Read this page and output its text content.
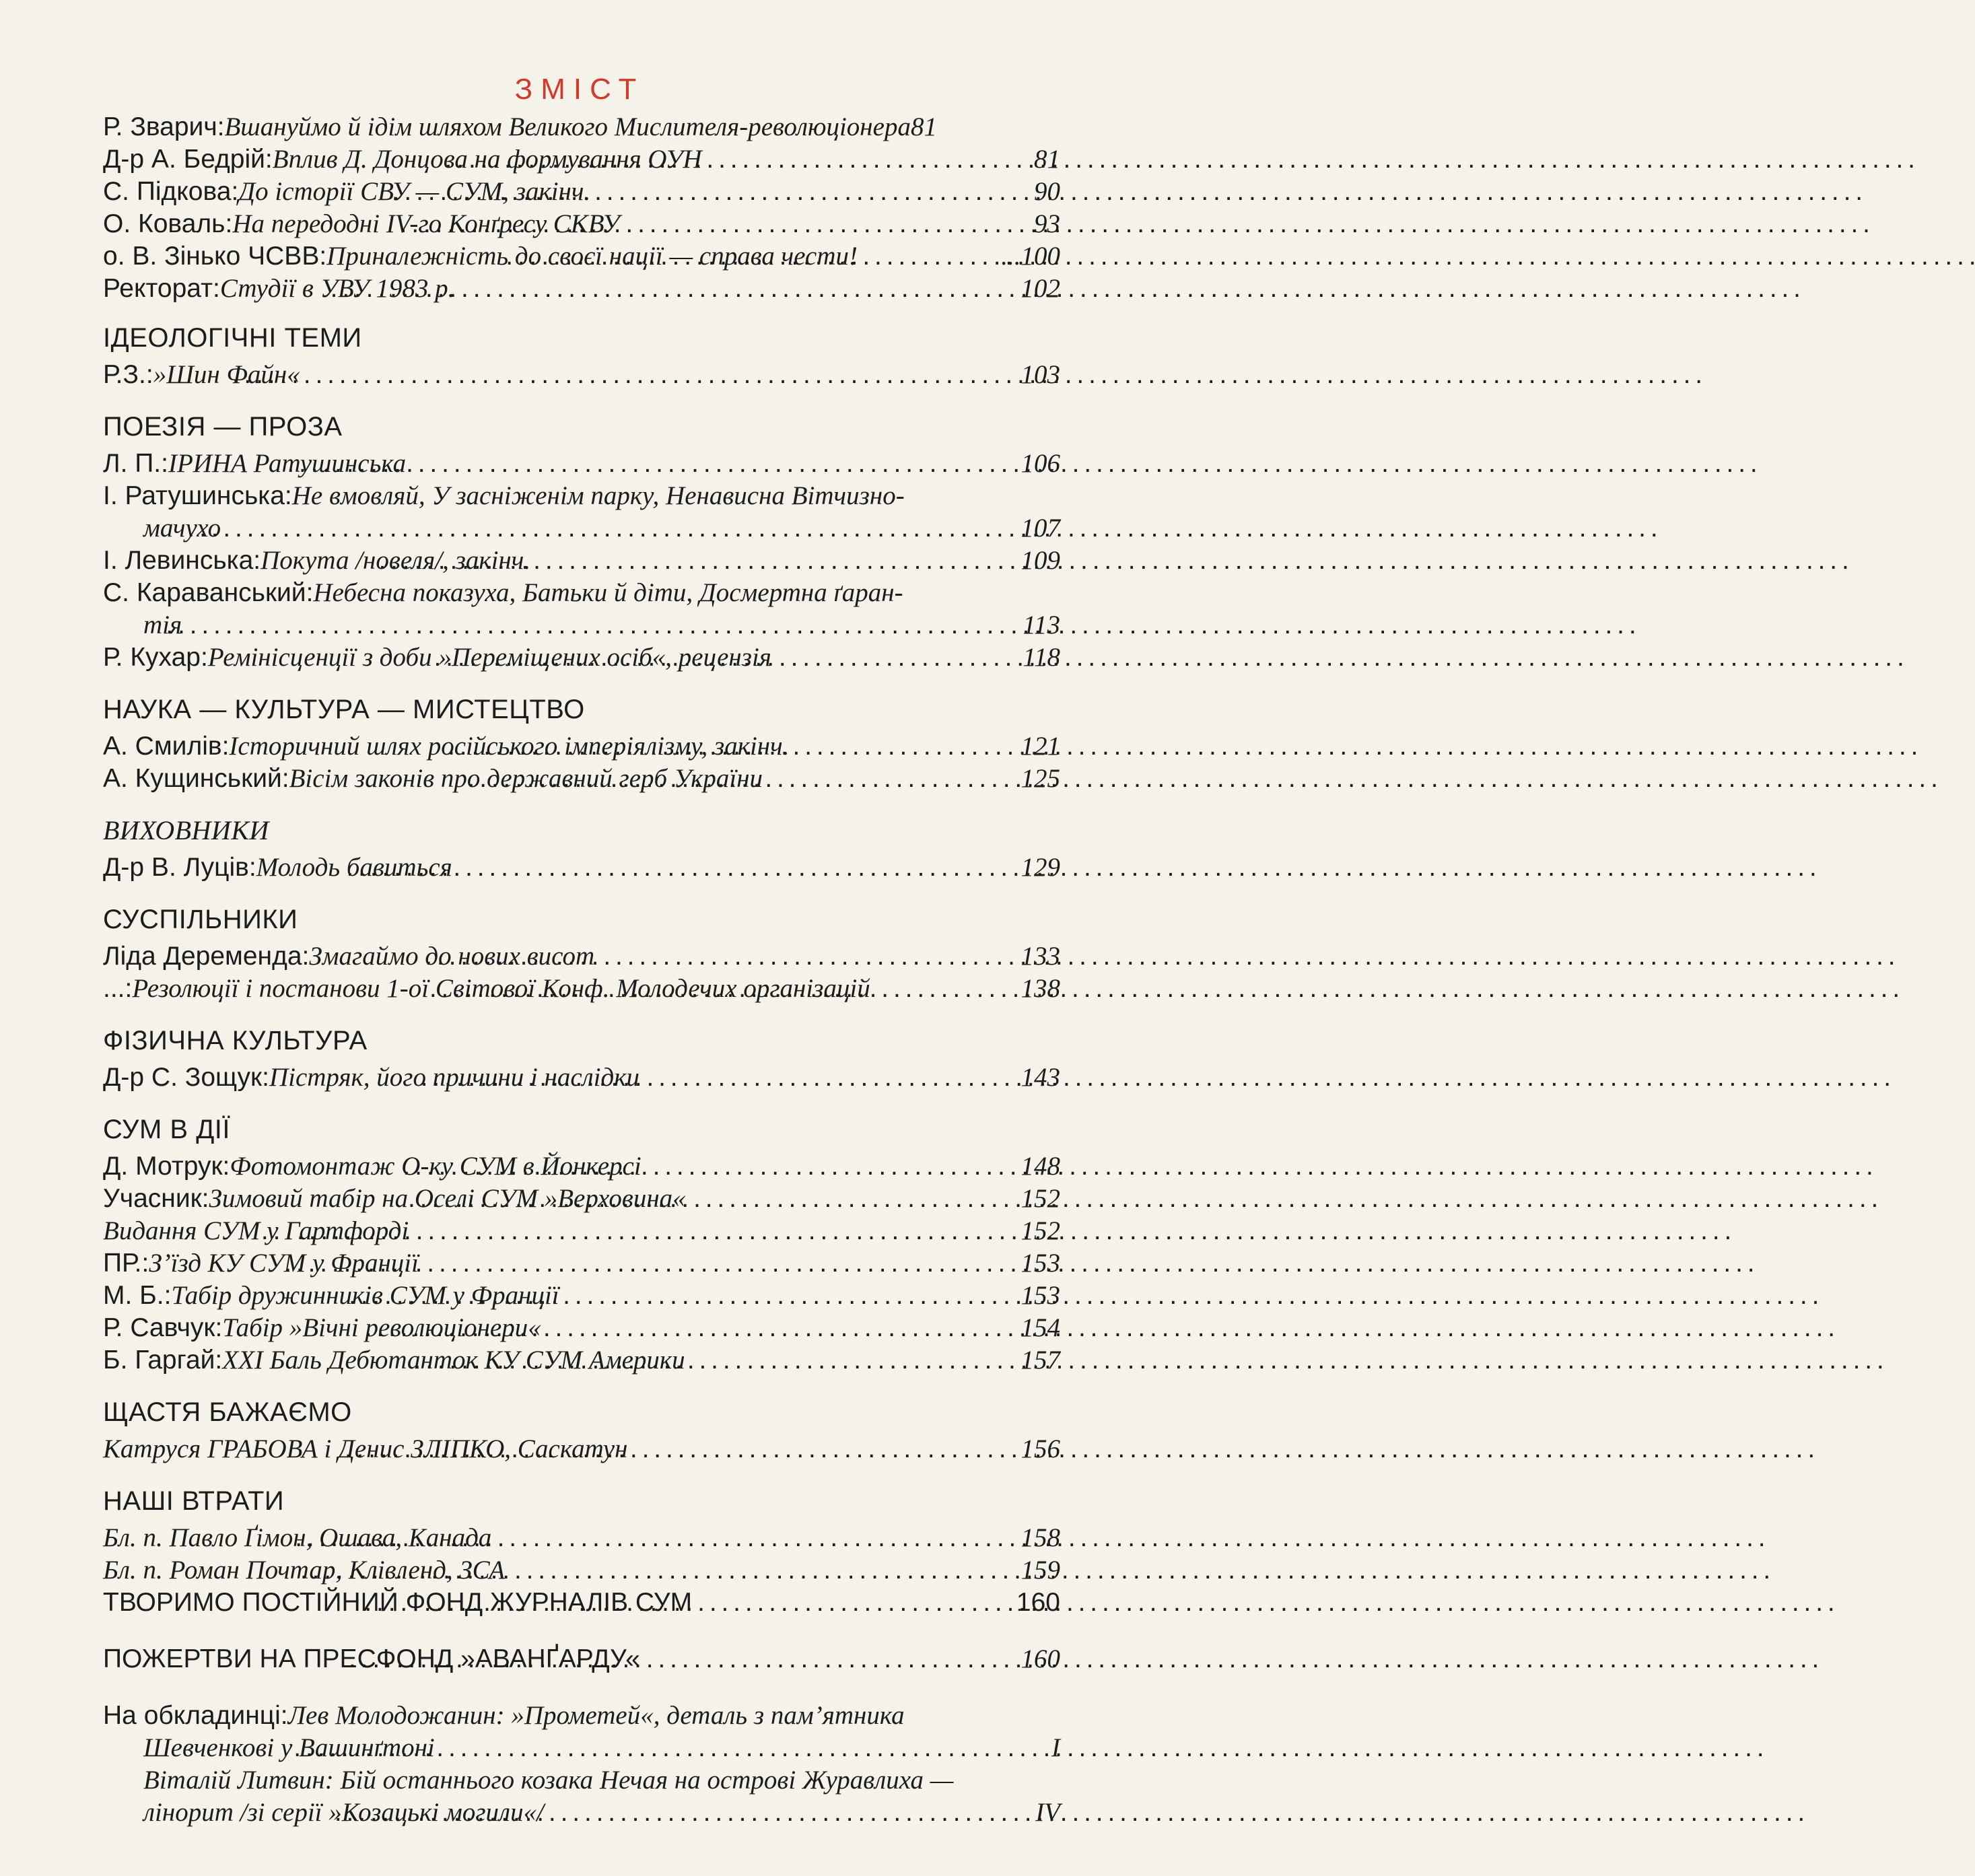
ЗМІСТ
Р. Зварич: Вшануймо й ідім шляхом Великого Мислителя-революціонера 81
Д-р А. Бедрій: Вплив Д. Донцова на формування ОУН . . .	81
С. Підкова: До історії СВУ — СУМ, закінч. . . .	90
О. Коваль: На передодні IV-го Конґресу СКВУ . . .	93
о. В. Зінько ЧСВВ: Приналежність до своєї нації — справа чести! . . .	...100
Ректорат: Студії в УВУ 1983 р. . . .	102
ІДЕОЛОГІЧНІ ТЕМИ
Р.З.: »Шин Файн« . . .	103
ПОЕЗІЯ — ПРОЗА
Л. П.: ІРИНА Ратушинська . . .	106
І. Ратушинська: Не вмовляй, У засніженім парку, Ненависна Вітчизно-
мачухо . . .	107
І. Левинська: Покута /новеля/, закінч. . . .	109
С. Караванський: Небесна показуха, Батьки й діти, Досмертна ґаран-
тія . . .	113
Р. Кухар: Ремінісценції з доби »Переміщених осіб«, рецензія . . .	118
НАУКА — КУЛЬТУРА — МИСТЕЦТВО
А. Смилів: Історичний шлях російського імперіялізму, закінч. . . .	121
А. Кущинський: Вісім законів про державний герб України . . .	125
ВИХОВНИКИ
Д-р В. Луців: Молодь бавиться . . .	129
СУСПІЛЬНИКИ
Ліда Деременда: Змагаймо до нових висот . . .	133
...: Резолюції і постанови 1-ої Світової Конф. Молодечих організацій . . .	138
ФІЗИЧНА КУЛЬТУРА
Д-р С. Зощук: Пістряк, його причини і наслідки . . .	143
СУМ В ДІЇ
Д. Мотрук: Фотомонтаж О-ку СУМ в Йонкерсі . . .	148
Учасник: Зимовий табір на Оселі СУМ »Верховина« . . .	152
Видання СУМ у Гартфорді . . .	152
ПР.: З’їзд КУ СУМ у Франції . . .	153
М. Б.: Табір дружинників СУМ у Франції . . .	153
Р. Савчук: Табір »Вічні революціонери« . . .	154
Б. Гаргай: XXI Баль Дебютанток КУ СУМ Америки . . .	157
ЩАСТЯ БАЖАЄМО
Катруся ГРАБОВА і Денис ЗЛІПКО, Саскатун . . .	156
НАШІ ВТРАТИ
Бл. п. Павло Ґімон, Ошава, Канада . . .	158
Бл. п. Роман Почтар, Клівленд, ЗСА . . .	159
ТВОРИМО ПОСТІЙНИЙ ФОНД ЖУРНАЛІВ СУМ . . .	160
ПОЖЕРТВИ НА ПРЕСФОНД »АВАНҐАРДУ« . . .	160
На обкладинці: Лев Молодожанин: »Прометей«, деталь з пам’ятника
Шевченкові у Вашинґтоні . . .	I
Віталій Литвин: Бій останнього козака Нечая на острові Журавлиха —
лінорит /зі серії »Козацькі могили«/ . . .	IV
